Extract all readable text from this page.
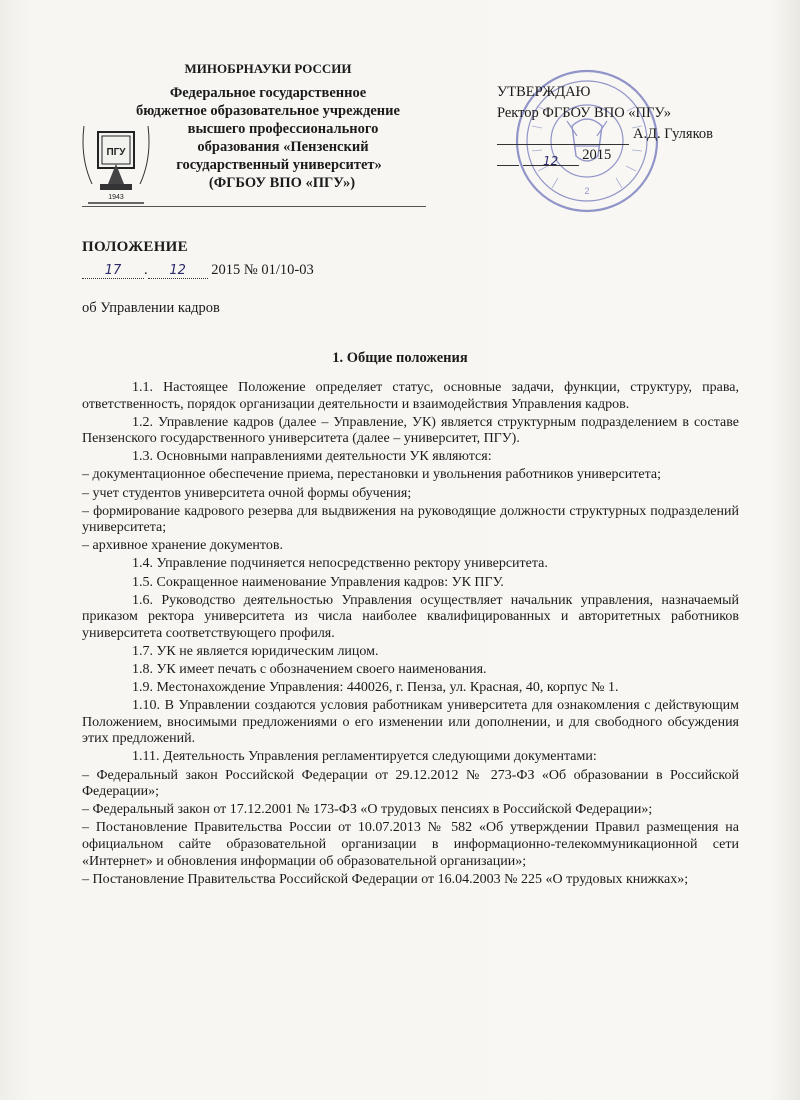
МИНОБРНАУКИ РОССИИ
Федеральное государственное
бюджетное образовательное учреждение
высшего профессионального
образования «Пензенский
государственный университет»
(ФГБОУ ВПО «ПГУ»)
ПГУ
1943
2
УТВЕРЖДАЮ
Ректор ФГБОУ ВПО «ПГУ»
А.Д. Гуляков
12 2015
ПОЛОЖЕНИЕ
17 . 12 2015 № 01/10-03
об Управлении кадров
1. Общие положения

1.1. Настоящее Положение определяет статус, основные задачи, функции, структуру, права, ответственность, порядок организации деятельности и взаимодействия Управления кадров.

1.2. Управление кадров (далее – Управление, УК) является структурным подразделением в составе Пензенского государственного университета (далее – университет, ПГУ).

1.3. Основными направлениями деятельности УК являются:

– документационное обеспечение приема, перестановки и увольнения работников университета;

– учет студентов университета очной формы обучения;

– формирование кадрового резерва для выдвижения на руководящие должности структурных подразделений университета;

– архивное хранение документов.

1.4. Управление подчиняется непосредственно ректору университета.

1.5. Сокращенное наименование Управления кадров: УК ПГУ.

1.6. Руководство деятельностью Управления осуществляет начальник управления, назначаемый приказом ректора университета из числа наиболее квалифицированных и авторитетных работников университета соответствующего профиля.

1.7. УК не является юридическим лицом.

1.8. УК имеет печать с обозначением своего наименования.

1.9. Местонахождение Управления: 440026, г. Пенза, ул. Красная, 40, корпус № 1.

1.10. В Управлении создаются условия работникам университета для ознакомления с действующим Положением, вносимыми предложениями о его изменении или дополнении, и для свободного обсуждения этих предложений.

1.11. Деятельность Управления регламентируется следующими документами:

– Федеральный закон Российской Федерации от 29.12.2012 № 273-ФЗ «Об образовании в Российской Федерации»;

– Федеральный закон от 17.12.2001 № 173-ФЗ «О трудовых пенсиях в Российской Федерации»;

– Постановление Правительства России от 10.07.2013 № 582 «Об утверждении Правил размещения на официальном сайте образовательной организации в информационно-телекоммуникационной сети «Интернет» и обновления информации об образовательной организации»;

– Постановление Правительства Российской Федерации от 16.04.2003 № 225 «О трудовых книжках»;
